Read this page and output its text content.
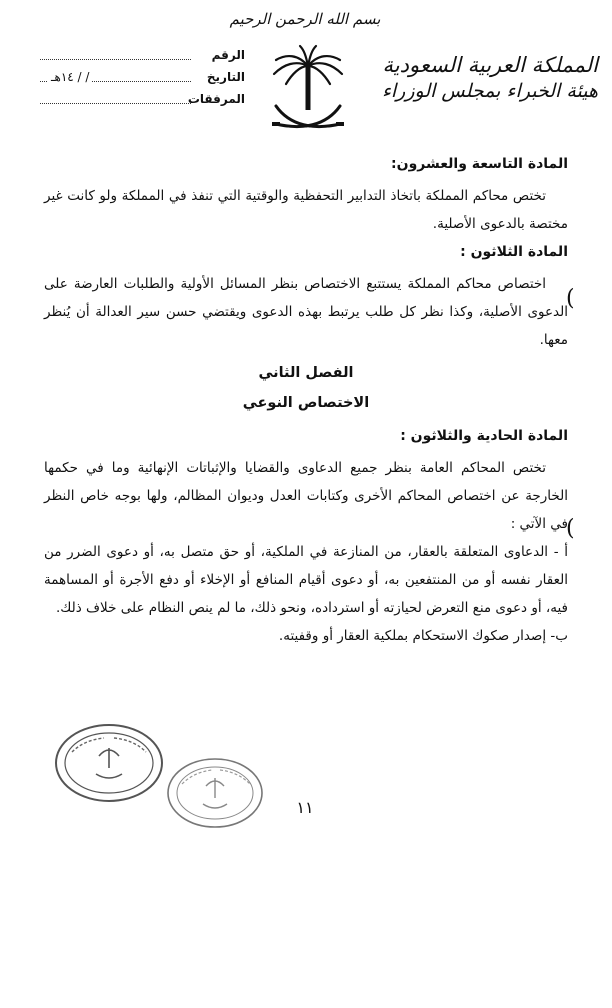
بسم الله الرحمن الرحيم
المملكة العربية السعودية
هيئة الخبراء بمجلس الوزراء
الرقم
التاريخ
/ / ١٤هـ
المرفقات
المادة التاسعة والعشرون:

تختص محاكم المملكة باتخاذ التدابير التحفظية والوقتية التي تنفذ في المملكة ولو كانت غير مختصة بالدعوى الأصلية.

المادة الثلاثون :

اختصاص محاكم المملكة يستتبع الاختصاص بنظر المسائل الأولية والطلبات العارضة على الدعوى الأصلية، وكذا نظر كل طلب يرتبط بهذه الدعوى ويقتضي حسن سير العدالة أن يُنظر معها.

الفصل الثاني
الاختصاص النوعي
المادة الحادية والثلاثون :

تختص المحاكم العامة بنظر جميع الدعاوى والقضايا والإثباتات الإنهائية وما في حكمها الخارجة عن اختصاص المحاكم الأخرى وكتابات العدل وديوان المظالم، ولها بوجه خاص النظر في الآتي :

أ - الدعاوى المتعلقة بالعقار، من المنازعة في الملكية، أو حق متصل به، أو دعوى الضرر من العقار نفسه أو من المنتفعين به، أو دعوى أقيام المنافع أو الإخلاء أو دفع الأجرة أو المساهمة فيه، أو دعوى منع التعرض لحيازته أو استرداده، ونحو ذلك، ما لم ينص النظام على خلاف ذلك.

ب- إصدار صكوك الاستحكام بملكية العقار أو وقفيته.

(
(
١١
